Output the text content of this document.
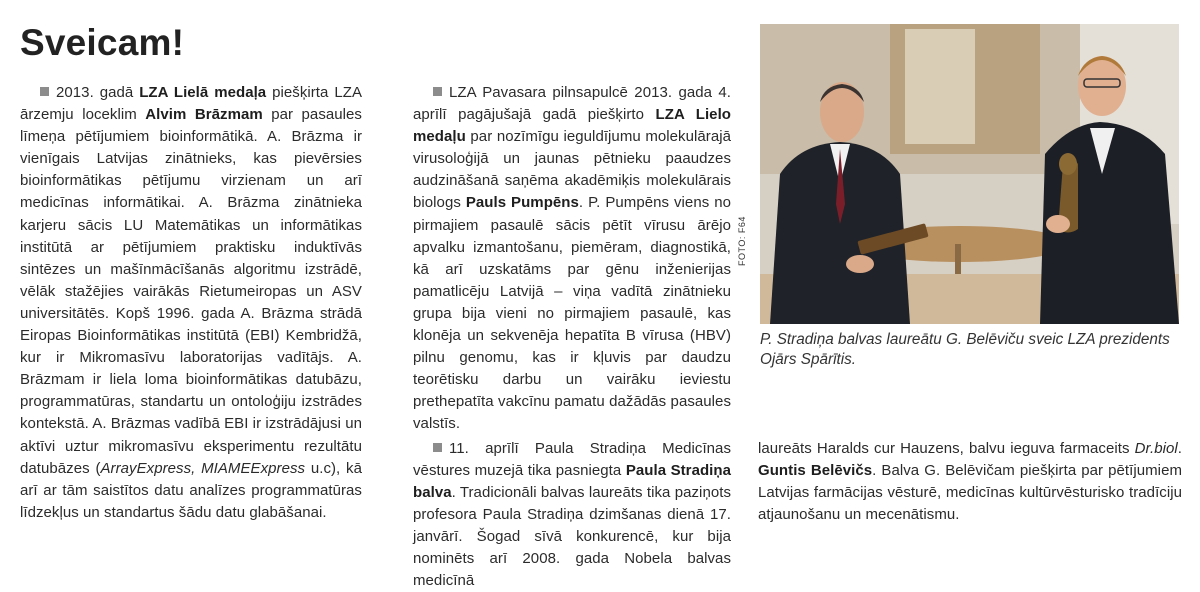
Sveicam!

2013. gadā LZA Lielā medaļa piešķirta LZA ārzemju loceklim Alvim Brāzmam par pasaules līmeņa pētījumiem bioinformātikā. A. Brāzma ir vienīgais Latvijas zinātnieks, kas pievērsies bioinformātikas pētījumu virzienam un arī medicīnas informātikai. A. Brāzma zinātnieka karjeru sācis LU Matemātikas un informātikas institūtā ar pētījumiem praktisku induktīvās sintēzes un mašīnmācīšanās algoritmu izstrādē, vēlāk stažējies vairākās Rietumeiropas un ASV universitātēs. Kopš 1996. gada A. Brāzma strādā Eiropas Bioinformātikas institūtā (EBI) Kembridžā, kur ir Mikromasīvu laboratorijas vadītājs. A. Brāzmam ir liela loma bioinformātikas datubāzu, programmatūras, standartu un ontoloģiju izstrādes kontekstā. A. Brāzmas vadībā EBI ir izstrādājusi un aktīvi uztur mikromasīvu eksperimentu rezultātu datubāzes (ArrayExpress, MIAMEExpress u.c), kā arī ar tām saistītos datu analīzes programmatūras līdzekļus un standartus šādu datu glabāšanai.

LZA Pavasara pilnsapulcē 2013. gada 4. aprīlī pagājušajā gadā piešķirto LZA Lielo medaļu par nozīmīgu ieguldījumu molekulārajā virusoloģijā un jaunas pētnieku paaudzes audzināšanā saņēma akadēmiķis molekulārais biologs Pauls Pumpēns. P. Pumpēns viens no pirmajiem pasaulē sācis pētīt vīrusu ārējo apvalku izmantošanu, piemēram, diagnostikā, kā arī uzskatāms par gēnu inženierijas pamatlicēju Latvijā – viņa vadītā zinātnieku grupa bija vieni no pirmajiem pasaulē, kas klonēja un sekvenēja hepatīta B vīrusa (HBV) pilnu genomu, kas ir kļuvis par daudzu teorētisku darbu un vairāku ieviestu prethepatīta vakcīnu pamatu dažādās pasaules valstīs.

11. aprīlī Paula Stradiņa Medicīnas vēstures muzejā tika pasniegta Paula Stradiņa balva. Tradicionāli balvas laureāts tika paziņots profesora Paula Stradiņa dzimšanas dienā 17. janvārī. Šogad sīvā konkurencē, kur bija nominēts arī 2008. gada Nobela balvas medicīnā

FOTO: F64
P. Stradiņa balvas laureātu G. Belēviču sveic LZA prezidents Ojārs Spārītis.

laureāts Haralds cur Hauzens, balvu ieguva farmaceits Dr.biol. Guntis Belēvičs. Balva G. Belēvičam piešķirta par pētījumiem Latvijas farmācijas vēsturē, medicīnas kultūrvēsturisko tradīciju atjaunošanu un mecenātismu.
